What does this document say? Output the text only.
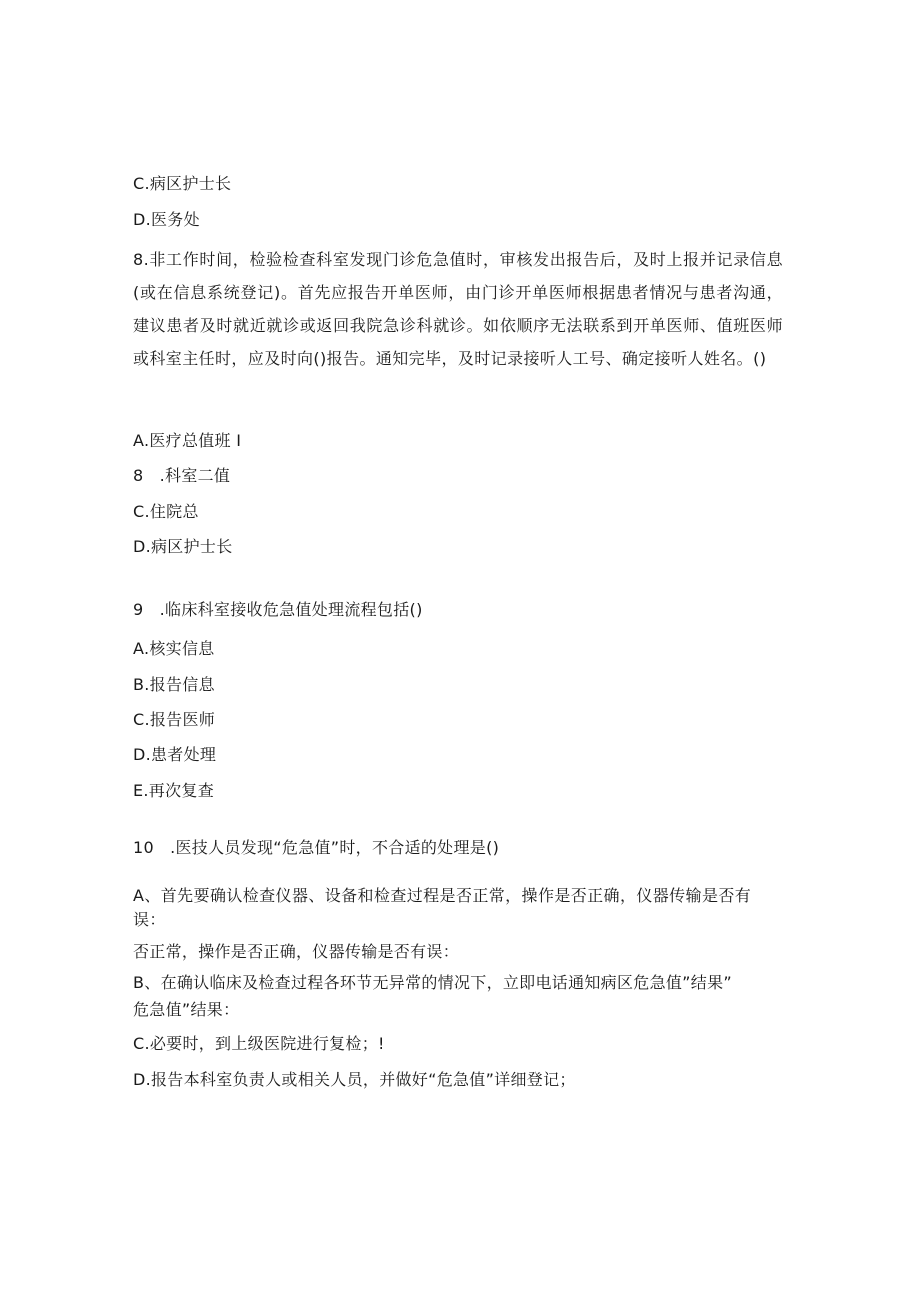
C.病区护士长
D.医务处
8.非工作时间，检验检查科室发现门诊危急值时，审核发出报告后，及时上报并记录信息(或在信息系统登记)。首先应报告开单医师，由门诊开单医师根据患者情况与患者沟通，建议患者及时就近就诊或返回我院急诊科就诊。如依顺序无法联系到开单医师、值班医师或科室主任时，应及时向()报告。通知完毕，及时记录接听人工号、确定接听人姓名。()
A.医疗总值班 I
8   .科室二值
C.住院总
D.病区护士长
9   .临床科室接收危急值处理流程包括()
A.核实信息
B.报告信息
C.报告医师
D.患者处理
E.再次复查
10   .医技人员发现“危急值”时，不合适的处理是()
A、首先要确认检查仪器、设备和检查过程是否正常，操作是否正确，仪器传输是否有误：
否正常，操作是否正确，仪器传输是否有误：
B、在确认临床及检查过程各环节无异常的情况下，立即电话通知病区危急值”结果”
危急值”结果：
C.必要时，到上级医院进行复检；!
D.报告本科室负责人或相关人员，并做好“危急值”详细登记；
